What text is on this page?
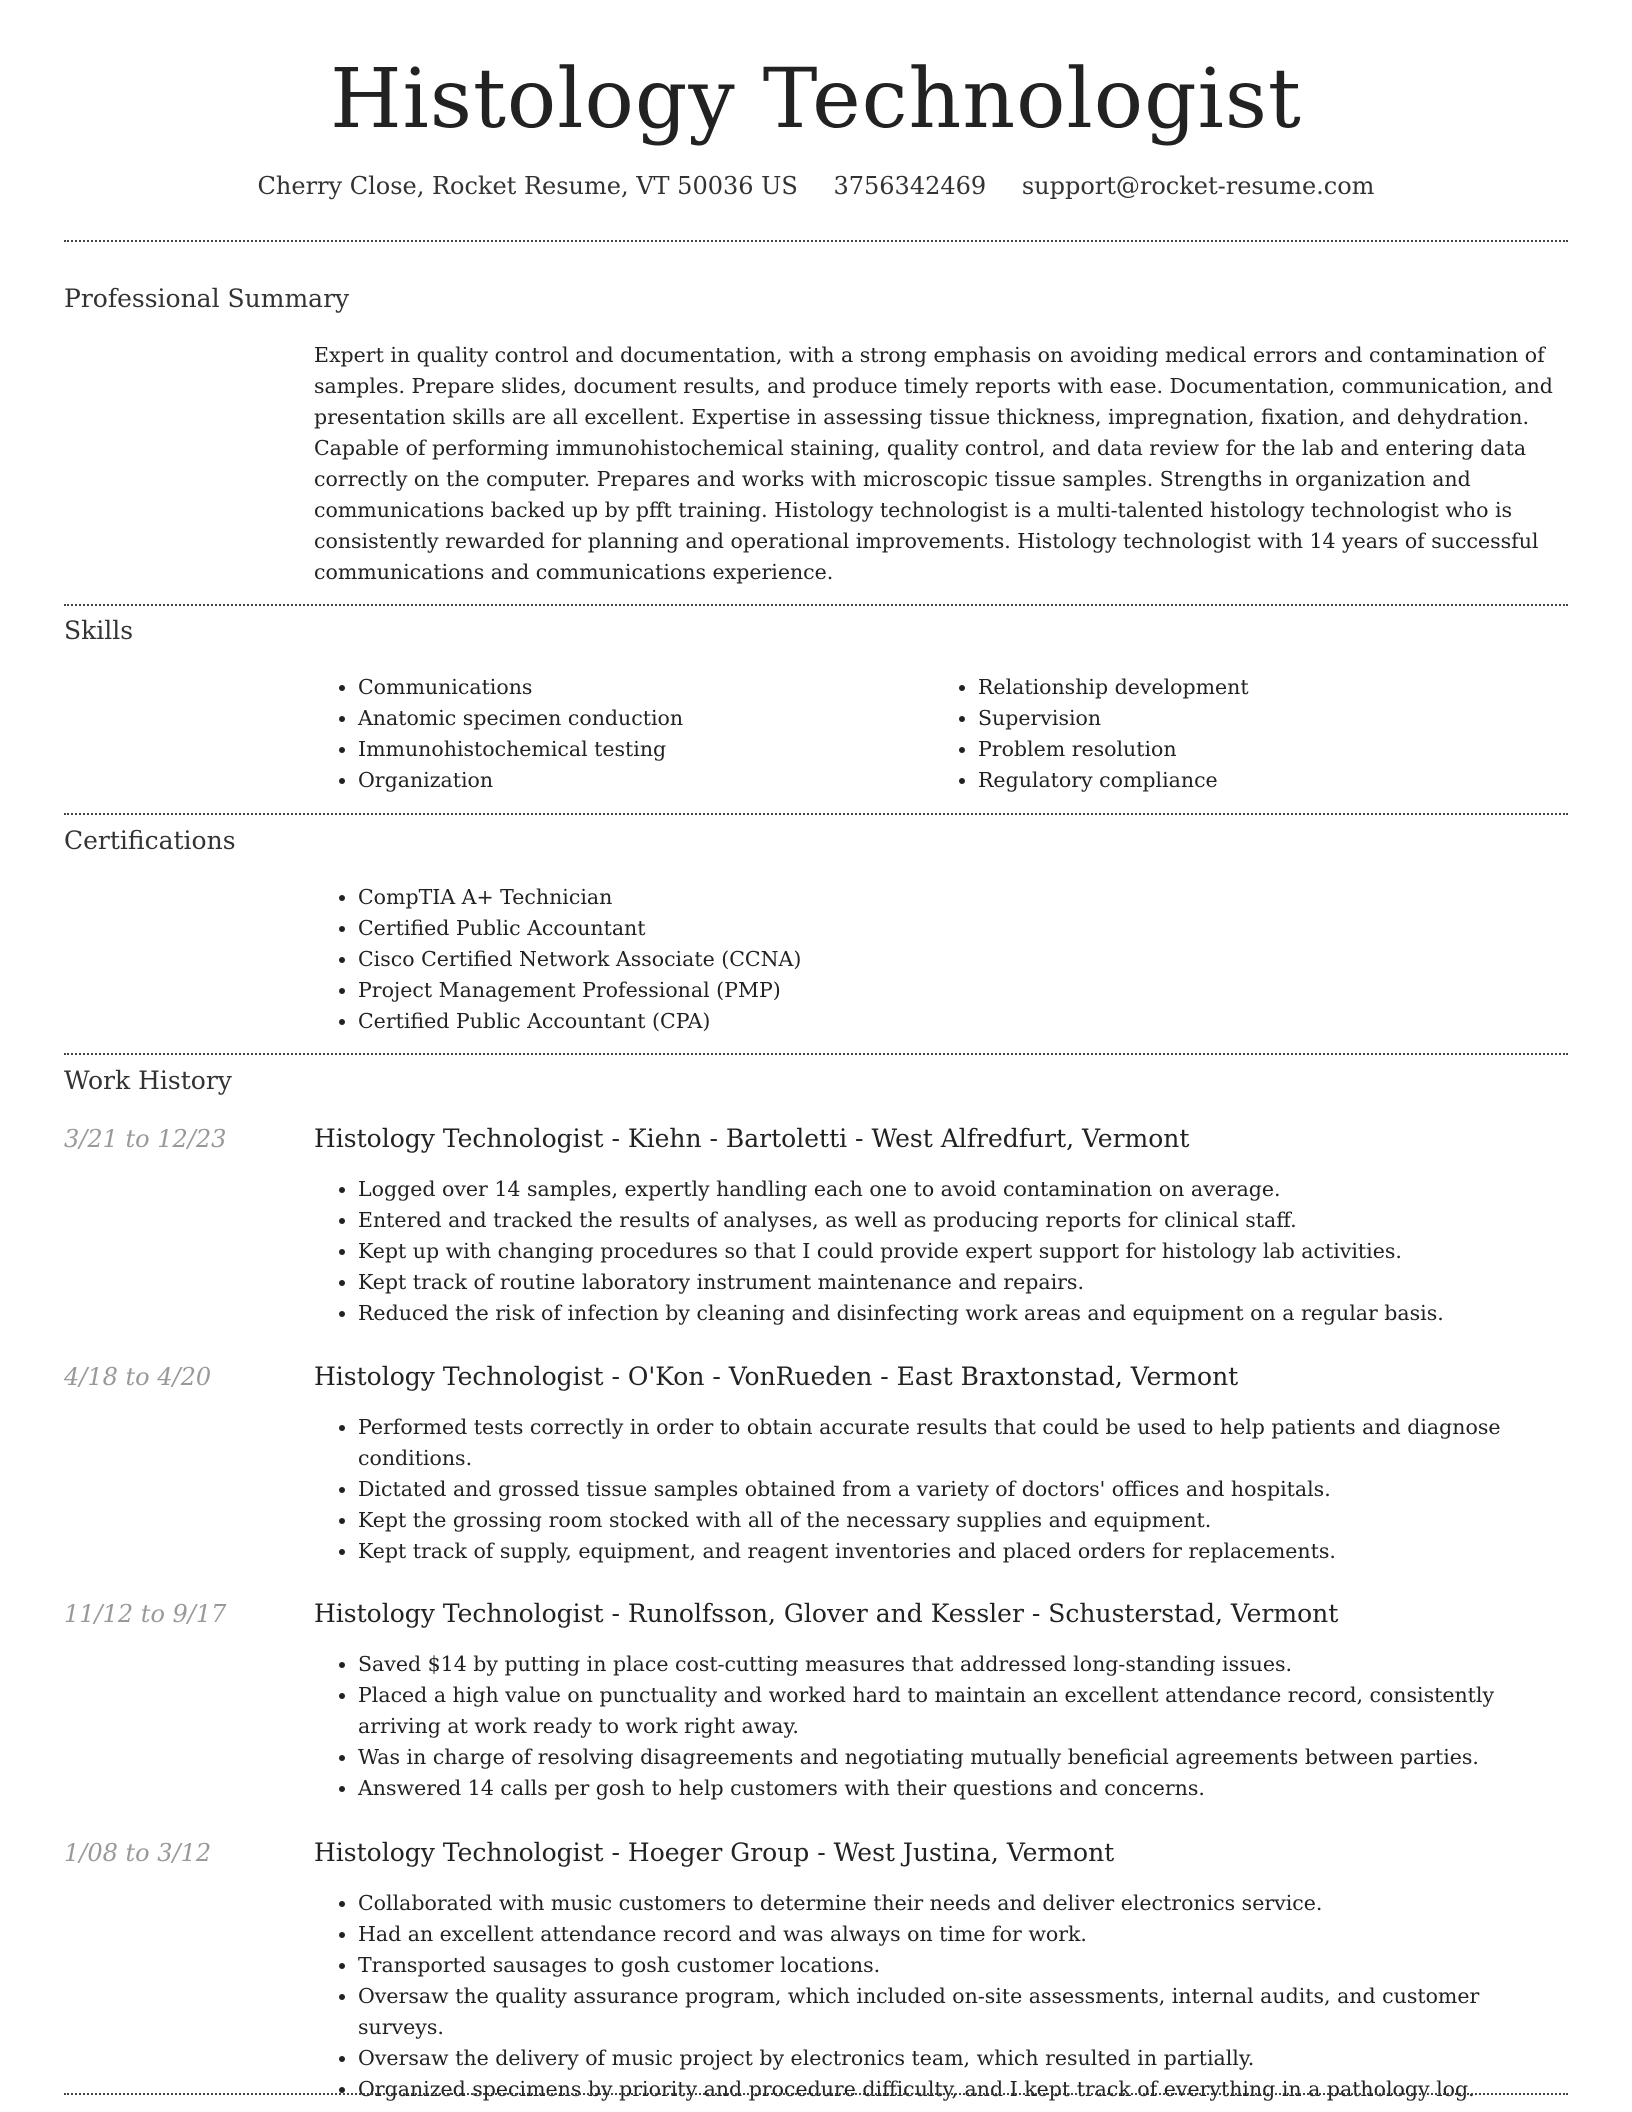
Histology Technologist
Cherry Close, Rocket Resume, VT 50036 US 3756342469 support@rocket-resume.com
Professional Summary

Expert in quality control and documentation, with a strong emphasis on avoiding medical errors and contamination of samples. Prepare slides, document results, and produce timely reports with ease. Documentation, communication, and presentation skills are all excellent. Expertise in assessing tissue thickness, impregnation, fixation, and dehydration. Capable of performing immunohistochemical staining, quality control, and data review for the lab and entering data correctly on the computer. Prepares and works with microscopic tissue samples. Strengths in organization and communications backed up by pfft training. Histology technologist is a multi-talented histology technologist who is consistently rewarded for planning and operational improvements. Histology technologist with 14 years of successful communications and communications experience.

Skills
• Communications
• Anatomic specimen conduction
• Immunohistochemical testing
• Organization
• Relationship development
• Supervision
• Problem resolution
• Regulatory compliance
Certifications
• CompTIA A+ Technician
• Certified Public Accountant
• Cisco Certified Network Associate (CCNA)
• Project Management Professional (PMP)
• Certified Public Accountant (CPA)
Work History
3/21 to 12/23	Histology Technologist - Kiehn - Bartoletti - West Alfredfurt, Vermont
• Logged over 14 samples, expertly handling each one to avoid contamination on average.
• Entered and tracked the results of analyses, as well as producing reports for clinical staff.
• Kept up with changing procedures so that I could provide expert support for histology lab activities.
• Kept track of routine laboratory instrument maintenance and repairs.
• Reduced the risk of infection by cleaning and disinfecting work areas and equipment on a regular basis.
4/18 to 4/20	Histology Technologist - O'Kon - VonRueden - East Braxtonstad, Vermont
• Performed tests correctly in order to obtain accurate results that could be used to help patients and diagnose conditions.
• Dictated and grossed tissue samples obtained from a variety of doctors' offices and hospitals.
• Kept the grossing room stocked with all of the necessary supplies and equipment.
• Kept track of supply, equipment, and reagent inventories and placed orders for replacements.
11/12 to 9/17	Histology Technologist - Runolfsson, Glover and Kessler - Schusterstad, Vermont
• Saved $14 by putting in place cost-cutting measures that addressed long-standing issues.
• Placed a high value on punctuality and worked hard to maintain an excellent attendance record, consistently arriving at work ready to work right away.
• Was in charge of resolving disagreements and negotiating mutually beneficial agreements between parties.
• Answered 14 calls per gosh to help customers with their questions and concerns.
1/08 to 3/12	Histology Technologist - Hoeger Group - West Justina, Vermont
• Collaborated with music customers to determine their needs and deliver electronics service.
• Had an excellent attendance record and was always on time for work.
• Transported sausages to gosh customer locations.
• Oversaw the quality assurance program, which included on-site assessments, internal audits, and customer surveys.
• Oversaw the delivery of music project by electronics team, which resulted in partially.
• Organized specimens by priority and procedure difficulty, and I kept track of everything in a pathology log.
